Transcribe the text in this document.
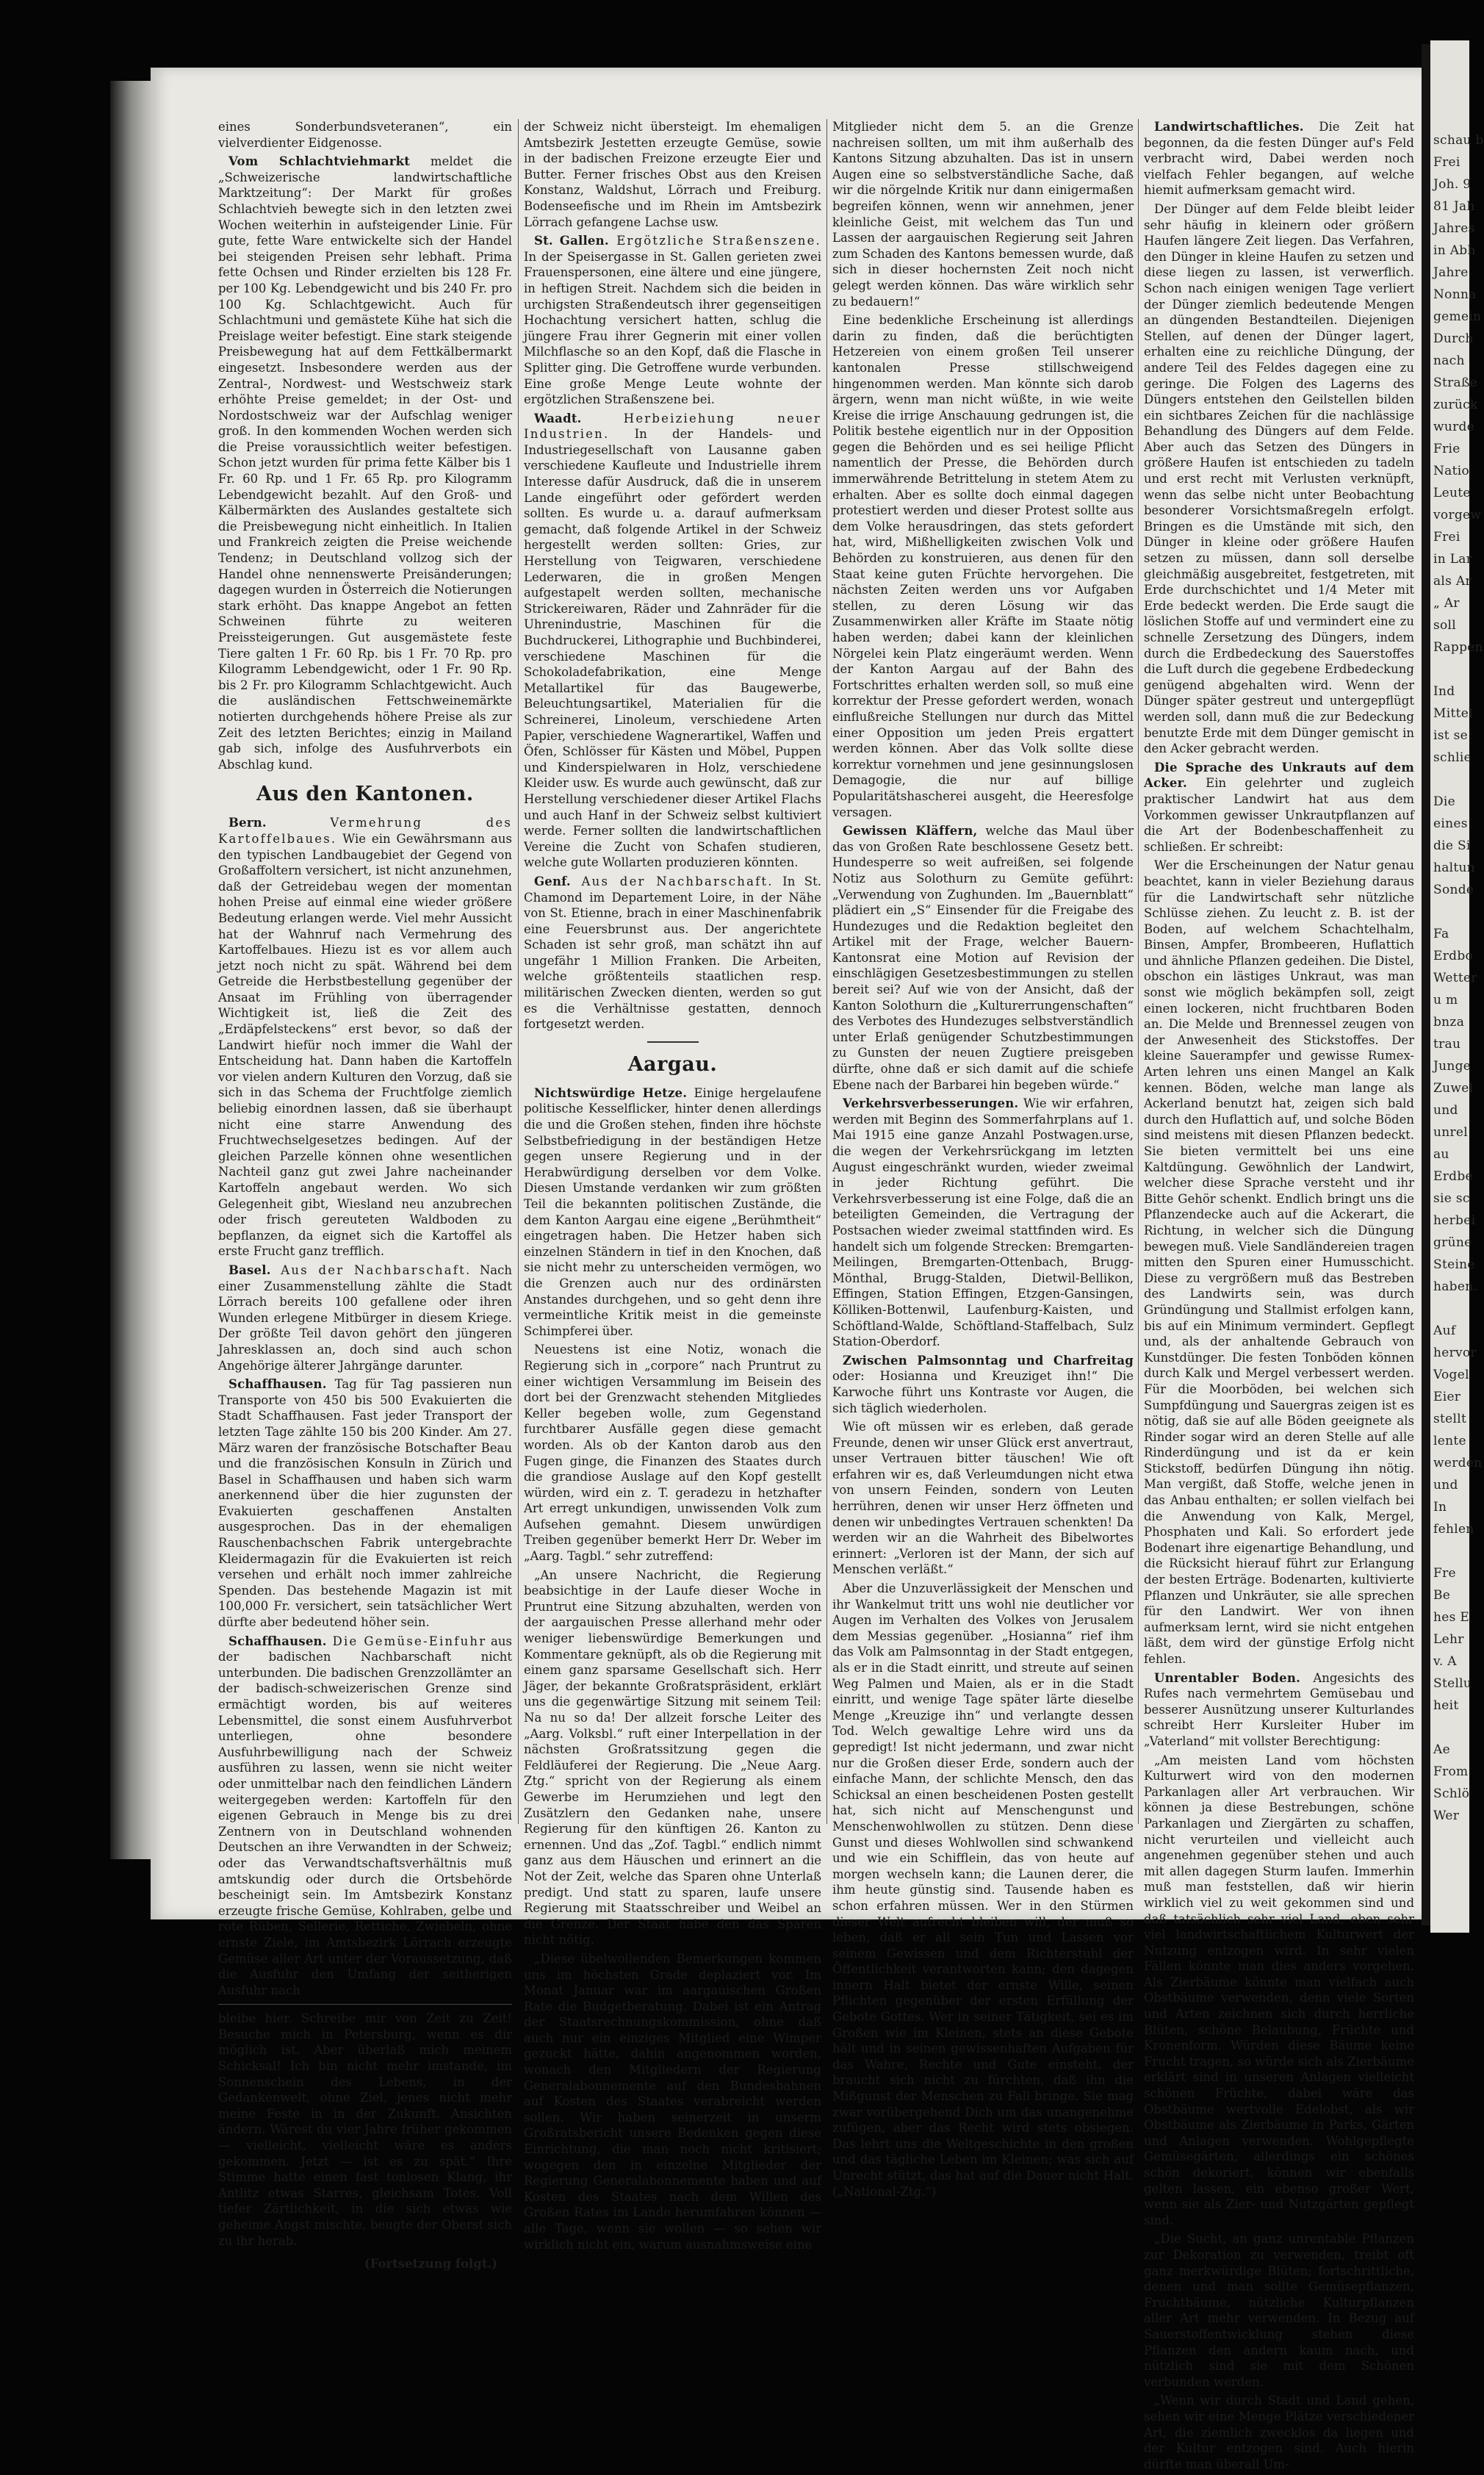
eines Sonderbundsveteranen“, ein vielverdienter Eidgenosse.

Vom Schlachtviehmarkt meldet die „Schweizerische landwirtschaftliche Marktzeitung“: Der Markt für großes Schlachtvieh bewegte sich in den letzten zwei Wochen weiterhin in aufsteigender Linie. Für gute, fette Ware entwickelte sich der Handel bei steigenden Preisen sehr lebhaft. Prima fette Ochsen und Rinder erzielten bis 128 Fr. per 100 Kg. Lebendgewicht und bis 240 Fr. pro 100 Kg. Schlachtgewicht. Auch für Schlachtmuni und gemästete Kühe hat sich die Preislage weiter befestigt. Eine stark steigende Preisbewegung hat auf dem Fettkälbermarkt eingesetzt. Insbesondere werden aus der Zentral-, Nordwest- und Westschweiz stark erhöhte Preise gemeldet; in der Ost- und Nordostschweiz war der Aufschlag weniger groß. In den kommenden Wochen werden sich die Preise voraussichtlich weiter befestigen. Schon jetzt wurden für prima fette Kälber bis 1 Fr. 60 Rp. und 1 Fr. 65 Rp. pro Kilogramm Lebendgewicht bezahlt. Auf den Groß- und Kälbermärkten des Auslandes gestaltete sich die Preisbewegung nicht einheitlich. In Italien und Frankreich zeigten die Preise weichende Tendenz; in Deutschland vollzog sich der Handel ohne nennenswerte Preisänderungen; dagegen wurden in Österreich die Notierungen stark erhöht. Das knappe Angebot an fetten Schweinen führte zu weiteren Preissteigerungen. Gut ausgemästete feste Tiere galten 1 Fr. 60 Rp. bis 1 Fr. 70 Rp. pro Kilogramm Lebendgewicht, oder 1 Fr. 90 Rp. bis 2 Fr. pro Kilogramm Schlachtgewicht. Auch die ausländischen Fettschweinemärkte notierten durchgehends höhere Preise als zur Zeit des letzten Berichtes; einzig in Mailand gab sich, infolge des Ausfuhrverbots ein Abschlag kund.

Aus den Kantonen.

Bern. Vermehrung des Kartoffelbaues. Wie ein Gewährsmann aus den typischen Landbaugebiet der Gegend von Großaffoltern versichert, ist nicht anzunehmen, daß der Getreidebau wegen der momentan hohen Preise auf einmal eine wieder größere Bedeutung erlangen werde. Viel mehr Aussicht hat der Wahnruf nach Vermehrung des Kartoffelbaues. Hiezu ist es vor allem auch jetzt noch nicht zu spät. Während bei dem Getreide die Herbstbestellung gegenüber der Ansaat im Frühling von überragender Wichtigkeit ist, ließ die Zeit des „Erdäpfelsteckens“ erst bevor, so daß der Landwirt hiefür noch immer die Wahl der Entscheidung hat. Dann haben die Kartoffeln vor vielen andern Kulturen den Vorzug, daß sie sich in das Schema der Fruchtfolge ziemlich beliebig einordnen lassen, daß sie überhaupt nicht eine starre Anwendung des Fruchtwechselgesetzes bedingen. Auf der gleichen Parzelle können ohne wesentlichen Nachteil ganz gut zwei Jahre nacheinander Kartoffeln angebaut werden. Wo sich Gelegenheit gibt, Wiesland neu anzubrechen oder frisch gereuteten Waldboden zu bepflanzen, da eignet sich die Kartoffel als erste Frucht ganz trefflich.

Basel. Aus der Nachbarschaft. Nach einer Zusammenstellung zählte die Stadt Lörrach bereits 100 gefallene oder ihren Wunden erlegene Mitbürger in diesem Kriege. Der größte Teil davon gehört den jüngeren Jahresklassen an, doch sind auch schon Angehörige älterer Jahrgänge darunter.

Schaffhausen. Tag für Tag passieren nun Transporte von 450 bis 500 Evakuierten die Stadt Schaffhausen. Fast jeder Transport der letzten Tage zählte 150 bis 200 Kinder. Am 27. März waren der französische Botschafter Beau und die französischen Konsuln in Zürich und Basel in Schaffhausen und haben sich warm anerkennend über die hier zugunsten der Evakuierten geschaffenen Anstalten ausgesprochen. Das in der ehemaligen Rauschenbachschen Fabrik untergebrachte Kleidermagazin für die Evakuierten ist reich versehen und erhält noch immer zahlreiche Spenden. Das bestehende Magazin ist mit 100,000 Fr. versichert, sein tatsächlicher Wert dürfte aber bedeutend höher sein.

Schaffhausen. Die Gemüse-Einfuhr aus der badischen Nachbarschaft nicht unterbunden. Die badischen Grenzzollämter an der badisch-schweizerischen Grenze sind ermächtigt worden, bis auf weiteres Lebensmittel, die sonst einem Ausfuhrverbot unterliegen, ohne besondere Ausfuhrbewilligung nach der Schweiz ausführen zu lassen, wenn sie nicht weiter oder unmittelbar nach den feindlichen Ländern weitergegeben werden: Kartoffeln für den eigenen Gebrauch in Menge bis zu drei Zentnern von in Deutschland wohnenden Deutschen an ihre Verwandten in der Schweiz; oder das Verwandtschaftsverhältnis muß amtskundig oder durch die Ortsbehörde bescheinigt sein. Im Amtsbezirk Konstanz erzeugte frische Gemüse, Kohlraben, gelbe und rote Rüben, Sellerie, Rettiche, Zwiebeln, ohne ernste Ziele, im Amtsbezirk Lörrach erzeugte Gemüse aller Art unter der Voraussetzung, daß die Ausfuhr den Umfang der seitherigen Ausfuhr nach

bleibe hier. Schreibe mir von Zeit zu Zeit! Besuche mich in Petersburg, wenn es dir möglich ist. Aber überlaß mich meinem Schicksal! Ich bin nicht mehr imstande, im Sonnenschein des Lebens, in der Gedankenwelt, ohne Ziel, jenes nicht mehr meine Feste in in der Zukunft. Ansichten ändern. Wärest du vier Jahre früher gekommen — vielleicht, vielleicht wäre es anders gekommen. Jetzt — ist es zu spät.“ Ihre Stimme hatte einen fast tonlosen Klang, ihr Antlitz etwas Starres, gleichsam Totes. Voll tiefer Zärtlichkeit, in die sich etwas wie geheime Angst mischte, beugte der Oberst sich zu ihr herab.

(Fortsetzung folgt.)

der Schweiz nicht übersteigt. Im ehemaligen Amtsbezirk Jestetten erzeugte Gemüse, sowie in der badischen Freizone erzeugte Eier und Butter. Ferner frisches Obst aus den Kreisen Konstanz, Waldshut, Lörrach und Freiburg. Bodenseefische und im Rhein im Amtsbezirk Lörrach gefangene Lachse usw.

St. Gallen. Ergötzliche Straßenszene. In der Speisergasse in St. Gallen gerieten zwei Frauenspersonen, eine ältere und eine jüngere, in heftigen Streit. Nachdem sich die beiden in urchigsten Straßendeutsch ihrer gegenseitigen Hochachtung versichert hatten, schlug die jüngere Frau ihrer Gegnerin mit einer vollen Milchflasche so an den Kopf, daß die Flasche in Splitter ging. Die Getroffene wurde verbunden. Eine große Menge Leute wohnte der ergötzlichen Straßenszene bei.

Waadt. Herbeiziehung neuer Industrien. In der Handels- und Industriegesellschaft von Lausanne gaben verschiedene Kaufleute und Industrielle ihrem Interesse dafür Ausdruck, daß die in unserem Lande eingeführt oder gefördert werden sollten. Es wurde u. a. darauf aufmerksam gemacht, daß folgende Artikel in der Schweiz hergestellt werden sollten: Gries, zur Herstellung von Teigwaren, verschiedene Lederwaren, die in großen Mengen aufgestapelt werden sollten, mechanische Strickereiwaren, Räder und Zahnräder für die Uhrenindustrie, Maschinen für die Buchdruckerei, Lithographie und Buchbinderei, verschiedene Maschinen für die Schokoladefabrikation, eine Menge Metallartikel für das Baugewerbe, Beleuchtungsartikel, Materialien für die Schreinerei, Linoleum, verschiedene Arten Papier, verschiedene Wagnerartikel, Waffen und Öfen, Schlösser für Kästen und Möbel, Puppen und Kinderspielwaren in Holz, verschiedene Kleider usw. Es wurde auch gewünscht, daß zur Herstellung verschiedener dieser Artikel Flachs und auch Hanf in der Schweiz selbst kultiviert werde. Ferner sollten die landwirtschaftlichen Vereine die Zucht von Schafen studieren, welche gute Wollarten produzieren könnten.

Genf. Aus der Nachbarschaft. In St. Chamond im Departement Loire, in der Nähe von St. Etienne, brach in einer Maschinenfabrik eine Feuersbrunst aus. Der angerichtete Schaden ist sehr groß, man schätzt ihn auf ungefähr 1 Million Franken. Die Arbeiten, welche größtenteils staatlichen resp. militärischen Zwecken dienten, werden so gut es die Verhältnisse gestatten, dennoch fortgesetzt werden.

Aargau.

Nichtswürdige Hetze. Einige hergelaufene politische Kesselflicker, hinter denen allerdings die und die Großen stehen, finden ihre höchste Selbstbefriedigung in der beständigen Hetze gegen unsere Regierung und in der Herabwürdigung derselben vor dem Volke. Diesen Umstande verdanken wir zum größten Teil die bekannten politischen Zustände, die dem Kanton Aargau eine eigene „Berühmtheit“ eingetragen haben. Die Hetzer haben sich einzelnen Ständern in tief in den Knochen, daß sie nicht mehr zu unterscheiden vermögen, wo die Grenzen auch nur des ordinärsten Anstandes durchgehen, und so geht denn ihre vermeintliche Kritik meist in die gemeinste Schimpferei über.

Neuestens ist eine Notiz, wonach die Regierung sich in „corpore“ nach Pruntrut zu einer wichtigen Versammlung im Beisein des dort bei der Grenzwacht stehenden Mitgliedes Keller begeben wolle, zum Gegenstand furchtbarer Ausfälle gegen diese gemacht worden. Als ob der Kanton darob aus den Fugen ginge, die Finanzen des Staates durch die grandiose Auslage auf den Kopf gestellt würden, wird ein z. T. geradezu in hetzhafter Art erregt unkundigen, unwissenden Volk zum Aufsehen gemahnt. Diesem unwürdigen Treiben gegenüber bemerkt Herr Dr. Weber im „Aarg. Tagbl.“ sehr zutreffend:

„An unsere Nachricht, die Regierung beabsichtige in der Laufe dieser Woche in Pruntrut eine Sitzung abzuhalten, werden von der aargauischen Presse allerhand mehr oder weniger liebenswürdige Bemerkungen und Kommentare geknüpft, als ob die Regierung mit einem ganz sparsame Gesellschaft sich. Herr Jäger, der bekannte Großratspräsident, erklärt uns die gegenwärtige Sitzung mit seinem Teil: Na nu so da! Der allzeit forsche Leiter des „Aarg. Volksbl.“ ruft einer Interpellation in der nächsten Großratssitzung gegen die Feldläuferei der Regierung. Die „Neue Aarg. Ztg.“ spricht von der Regierung als einem Gewerbe im Herumziehen und legt den Zusätzlern den Gedanken nahe, unsere Regierung für den künftigen 26. Kanton zu ernennen. Und das „Zof. Tagbl.“ endlich nimmt ganz aus dem Häuschen und erinnert an die Not der Zeit, welche das Sparen ohne Unterlaß predigt. Und statt zu sparen, laufe unsere Regierung mit Staatsschreiber und Weibel an die Grenze. Der Staat habe den das Sparen nicht nötig.

„Diese übelwollenden Bemerkungen kommen uns im höchsten Grade deplaziert vor. Im Monat Januar war im aargauischen Großen Rate die Budgetberatung. Dabei ist ein Antrag der Staatsrechnungskommission, ohne daß auch nur ein einziges Mitglied eine Wimper gezuckt hätte, dahin angenommen worden, wonach den Mitgliedern der Regierung Generalabonnemente auf den Bundesbahnen auf Kosten des Staates verabreicht werden sollen. Wir haben seinerzeit in unserm Großratsbericht unsere Bedenken gegen diese Einrichtung, die man noch nicht kritisiert; wogegen den in einzelne Mitglieder der Regierung Generalabonnemente haben und auf Kosten des Staates nach dem Willen des Großen Rates im Lande herumfahren können — alle Tage, wenn sie wollen — so sehen wir wirklich nicht ein, warum ausnahmsweise eine

Mitglieder nicht dem 5. an die Grenze nachreisen sollten, um mit ihm außerhalb des Kantons Sitzung abzuhalten. Das ist in unsern Augen eine so selbstverständliche Sache, daß wir die nörgelnde Kritik nur dann einigermaßen begreifen können, wenn wir annehmen, jener kleinliche Geist, mit welchem das Tun und Lassen der aargauischen Regierung seit Jahren zum Schaden des Kantons bemessen wurde, daß sich in dieser hochernsten Zeit noch nicht gelegt werden können. Das wäre wirklich sehr zu bedauern!“

Eine bedenkliche Erscheinung ist allerdings darin zu finden, daß die berüchtigten Hetzereien von einem großen Teil unserer kantonalen Presse stillschweigend hingenommen werden. Man könnte sich darob ärgern, wenn man nicht wüßte, in wie weite Kreise die irrige Anschauung gedrungen ist, die Politik bestehe eigentlich nur in der Opposition gegen die Behörden und es sei heilige Pflicht namentlich der Presse, die Behörden durch immerwährende Betrittelung in stetem Atem zu erhalten. Aber es sollte doch einmal dagegen protestiert werden und dieser Protest sollte aus dem Volke herausdringen, das stets gefordert hat, wird, Mißhelligkeiten zwischen Volk und Behörden zu konstruieren, aus denen für den Staat keine guten Früchte hervorgehen. Die nächsten Zeiten werden uns vor Aufgaben stellen, zu deren Lösung wir das Zusammenwirken aller Kräfte im Staate nötig haben werden; dabei kann der kleinlichen Nörgelei kein Platz eingeräumt werden. Wenn der Kanton Aargau auf der Bahn des Fortschrittes erhalten werden soll, so muß eine korrektur der Presse gefordert werden, wonach einflußreiche Stellungen nur durch das Mittel einer Opposition um jeden Preis ergattert werden können. Aber das Volk sollte diese korrektur vornehmen und jene gesinnungslosen Demagogie, die nur auf billige Popularitätshascherei ausgeht, die Heeresfolge versagen.

Gewissen Kläffern, welche das Maul über das von Großen Rate beschlossene Gesetz bett. Hundesperre so weit aufreißen, sei folgende Notiz aus Solothurn zu Gemüte geführt: „Verwendung von Zughunden. Im „Bauernblatt“ plädiert ein „S“ Einsender für die Freigabe des Hundezuges und die Redaktion begleitet den Artikel mit der Frage, welcher Bauern-Kantonsrat eine Motion auf Revision der einschlägigen Gesetzesbestimmungen zu stellen bereit sei? Auf wie von der Ansicht, daß der Kanton Solothurn die „Kulturerrungenschaften“ des Verbotes des Hundezuges selbstverständlich unter Erlaß genügender Schutzbestimmungen zu Gunsten der neuen Zugtiere preisgeben dürfte, ohne daß er sich damit auf die schiefe Ebene nach der Barbarei hin begeben würde.“

Verkehrsverbesserungen. Wie wir erfahren, werden mit Beginn des Sommerfahrplans auf 1. Mai 1915 eine ganze Anzahl Postwagen.urse, die wegen der Verkehrsrückgang im letzten August eingeschränkt wurden, wieder zweimal in jeder Richtung geführt. Die Verkehrsverbesserung ist eine Folge, daß die an beteiligten Gemeinden, die Vertragung der Postsachen wieder zweimal stattfinden wird. Es handelt sich um folgende Strecken: Bremgarten-Meilingen, Bremgarten-Ottenbach, Brugg-Mönthal, Brugg-Stalden, Dietwil-Bellikon, Effingen, Station Effingen, Etzgen-Gansingen, Kölliken-Bottenwil, Laufenburg-Kaisten, und Schöftland-Walde, Schöftland-Staffelbach, Sulz Station-Oberdorf.

Zwischen Palmsonntag und Charfreitag oder: Hosianna und Kreuziget ihn!“ Die Karwoche führt uns Kontraste vor Augen, die sich täglich wiederholen.

Wie oft müssen wir es erleben, daß gerade Freunde, denen wir unser Glück erst anvertraut, unser Vertrauen bitter täuschen! Wie oft erfahren wir es, daß Verleumdungen nicht etwa von unsern Feinden, sondern von Leuten herrühren, denen wir unser Herz öffneten und denen wir unbedingtes Vertrauen schenkten! Da werden wir an die Wahrheit des Bibelwortes erinnert: „Verloren ist der Mann, der sich auf Menschen verläßt.“

Aber die Unzuverlässigkeit der Menschen und ihr Wankelmut tritt uns wohl nie deutlicher vor Augen im Verhalten des Volkes von Jerusalem dem Messias gegenüber. „Hosianna“ rief ihm das Volk am Palmsonntag in der Stadt entgegen, als er in die Stadt einritt, und streute auf seinen Weg Palmen und Maien, als er in die Stadt einritt, und wenige Tage später lärte dieselbe Menge „Kreuzige ihn“ und verlangte dessen Tod. Welch gewaltige Lehre wird uns da gepredigt! Ist nicht jedermann, und zwar nicht nur die Großen dieser Erde, sondern auch der einfache Mann, der schlichte Mensch, den das Schicksal an einen bescheidenen Posten gestellt hat, sich nicht auf Menschengunst und Menschenwohlwollen zu stützen. Denn diese Gunst und dieses Wohlwollen sind schwankend und wie ein Schifflein, das von heute auf morgen wechseln kann; die Launen derer, die ihm heute günstig sind. Tausende haben es schon erfahren müssen. Wer in den Stürmen dieser Welt aufrecht bleiben will, der muß so leben, daß er all sein Tun und Lassen vor seinem Gewissen und dem Richterstuhl der Öffentlichkeit verantworten kann; den dagegen innern Halt bietet der ernste Wille, seinen Pflichten gegenüber der ersten Erfüllung der Gebote Gottes. Wer in seiner Tätigkeit, sei es im Großen wie im Kleinen, stets an diese Gebote hält und in seinen gewissenhaften Aufgaben für das Wahre, Rechte und Gute einsteht, der braucht sich nicht zu fürchten, daß ihn die Mißgunst der Menschen zu Fall bringe. Sie mag zwar vorübergehend Dich um das unangenehme zufügen, aber das Recht wird stets obsiegen. Das lehrt uns die Weltgeschichte in den großen und das tägliche Leben im Kleinen; was sich auf Unrecht stützt, das hat auf die Dauer nicht Halt. („National-Ztg.“)

Landwirtschaftliches. Die Zeit hat begonnen, da die festen Dünger auf's Feld verbracht wird, Dabei werden noch vielfach Fehler begangen, auf welche hiemit aufmerksam gemacht wird.

Der Dünger auf dem Felde bleibt leider sehr häufig in kleinern oder größern Haufen längere Zeit liegen. Das Verfahren, den Dünger in kleine Haufen zu setzen und diese liegen zu lassen, ist verwerflich. Schon nach einigen wenigen Tage verliert der Dünger ziemlich bedeutende Mengen an düngenden Bestandteilen. Diejenigen Stellen, auf denen der Dünger lagert, erhalten eine zu reichliche Düngung, der andere Teil des Feldes dagegen eine zu geringe. Die Folgen des Lagerns des Düngers entstehen den Geilstellen bilden ein sichtbares Zeichen für die nachlässige Behandlung des Düngers auf dem Felde. Aber auch das Setzen des Düngers in größere Haufen ist entschieden zu tadeln und erst recht mit Verlusten verknüpft, wenn das selbe nicht unter Beobachtung besonderer Vorsichtsmaßregeln erfolgt. Bringen es die Umstände mit sich, den Dünger in kleine oder größere Haufen setzen zu müssen, dann soll derselbe gleichmäßig ausgebreitet, festgetreten, mit Erde durchschichtet und 1/4 Meter mit Erde bedeckt werden. Die Erde saugt die löslichen Stoffe auf und vermindert eine zu schnelle Zersetzung des Düngers, indem durch die Erdbedeckung des Sauerstoffes die Luft durch die gegebene Erdbedeckung genügend abgehalten wird. Wenn der Dünger später gestreut und untergepflügt werden soll, dann muß die zur Bedeckung benutzte Erde mit dem Dünger gemischt in den Acker gebracht werden.

Die Sprache des Unkrauts auf dem Acker. Ein gelehrter und zugleich praktischer Landwirt hat aus dem Vorkommen gewisser Unkrautpflanzen auf die Art der Bodenbeschaffenheit zu schließen. Er schreibt:

Wer die Erscheinungen der Natur genau beachtet, kann in vieler Beziehung daraus für die Landwirtschaft sehr nützliche Schlüsse ziehen. Zu leucht z. B. ist der Boden, auf welchem Schachtelhalm, Binsen, Ampfer, Brombeeren, Huflattich und ähnliche Pflanzen gedeihen. Die Distel, obschon ein lästiges Unkraut, was man sonst wie möglich bekämpfen soll, zeigt einen lockeren, nicht fruchtbaren Boden an. Die Melde und Brennessel zeugen von der Anwesenheit des Stickstoffes. Der kleine Sauerampfer und gewisse Rumex-Arten lehren uns einen Mangel an Kalk kennen. Böden, welche man lange als Ackerland benutzt hat, zeigen sich bald durch den Huflattich auf, und solche Böden sind meistens mit diesen Pflanzen bedeckt. Sie bieten vermittelt bei uns eine Kaltdüngung. Gewöhnlich der Landwirt, welcher diese Sprache versteht und ihr Bitte Gehör schenkt. Endlich bringt uns die Pflanzendecke auch auf die Ackerart, die Richtung, in welcher sich die Düngung bewegen muß. Viele Sandländereien tragen mitten den Spuren einer Humusschicht. Diese zu vergrößern muß das Bestreben des Landwirts sein, was durch Gründüngung und Stallmist erfolgen kann, bis auf ein Minimum vermindert. Gepflegt und, als der anhaltende Gebrauch von Kunstdünger. Die festen Tonböden können durch Kalk und Mergel verbessert werden. Für die Moorböden, bei welchen sich Sumpfdüngung und Sauergras zeigen ist es nötig, daß sie auf alle Böden geeignete als Rinder sogar wird an deren Stelle auf alle Rinderdüngung und ist da er kein Stickstoff, bedürfen Düngung ihn nötig. Man vergißt, daß Stoffe, welche jenen in das Anbau enthalten; er sollen vielfach bei die Anwendung von Kalk, Mergel, Phosphaten und Kali. So erfordert jede Bodenart ihre eigenartige Behandlung, und die Rücksicht hierauf führt zur Erlangung der besten Erträge. Bodenarten, kultivierte Pflanzen und Unkräuter, sie alle sprechen für den Landwirt. Wer von ihnen aufmerksam lernt, wird sie nicht entgehen läßt, dem wird der günstige Erfolg nicht fehlen.

Unrentabler Boden. Angesichts des Rufes nach vermehrtem Gemüsebau und besserer Ausnützung unserer Kulturlandes schreibt Herr Kursleiter Huber im „Vaterland“ mit vollster Berechtigung:

„Am meisten Land vom höchsten Kulturwert wird von den modernen Parkanlagen aller Art verbrauchen. Wir können ja diese Bestrebungen, schöne Parkanlagen und Ziergärten zu schaffen, nicht verurteilen und vielleicht auch angenehmen gegenüber stehen und auch mit allen dagegen Sturm laufen. Immerhin muß man feststellen, daß wir hierin wirklich viel zu weit gekommen sind und daß tatsächlich sehr viel Land, eben sehr viel landwirtschaftlichem Kulturwert der Nutzung entzogen wird. In sehr vielen Fällen könnte man dies anders vorgehen. Als Zierbäume könnte man vielfach auch Obstbäume verwenden, denn viele Sorten und Arten zeichnen sich durch herrliche Blüten, schöne Belaubung, Früchte und Kronenform. Würden diese Bäume keine Frucht tragen, so würde sich als Zierbäume erklärt sind in unseren Anlagen vielleicht schönen Früchte, dabei wäre das Obstbäume wertvolle Edelobst, als wir Obstbäume als Zierbäume in Parks, Gärten und Anlagen verwenden. Wohlgepflegte Gemüsegärten, allerdings ein schönes schön dekoriert, können wir ebenfalls gelten lassen, ein ebenso großer Wert, wenn sie als Zier- und Nutzgärten gepflegt sind.

„Die Sucht, an ganz unrentable Pflanzen zur Dekoration zu verwenden, treibt oft ganz merkwürdige Blüten; fortschrittliche, denen und man sollte Gemüsepflanzen, Fruchtbäume, nützliche Kulturpflanzen aller Art mehr verwenden. In Bezug auf Sauerstoffentwicklung stehen diese Pflanzen den andern kaum nach, und nützlich sind sie mit dem Schönen verbunden werden.

„Wenn wir durch Stadt und Land gehen, sehen wir eine Menge Plätze verschiedener Art, die ziemlich zwecklos da liegen und der Kultur entzogen sind. Auch hierin dürfte man überall Um-

schau b
Frei
Joh. 9
81 Jah
Jahres
in Abh
Jahre
Nonna
gemein
Durch
nach
Straße
zurück
wurde
Frie
Natio
Leute
vorgew
Frei
in Lar
als Ar
„ Ar
soll
Rappen
Ind
Mittel
ist se
schlie
Die
eines
die Si
haltun
Sonde
Fa
Erdbo
Wetter
u m
bnza
trau
Junge
Zuwel
und
unrel
au
Erdbe
sie sc
herbei
grüne
Steine
haben.
Auf
hervor
Vogel
Eier
stellt
lente
werden
und
In
fehlen
Fre
Be
hes E
Lehr
v. A
Stellu
heit
Ae
From
Schlö
Wer
